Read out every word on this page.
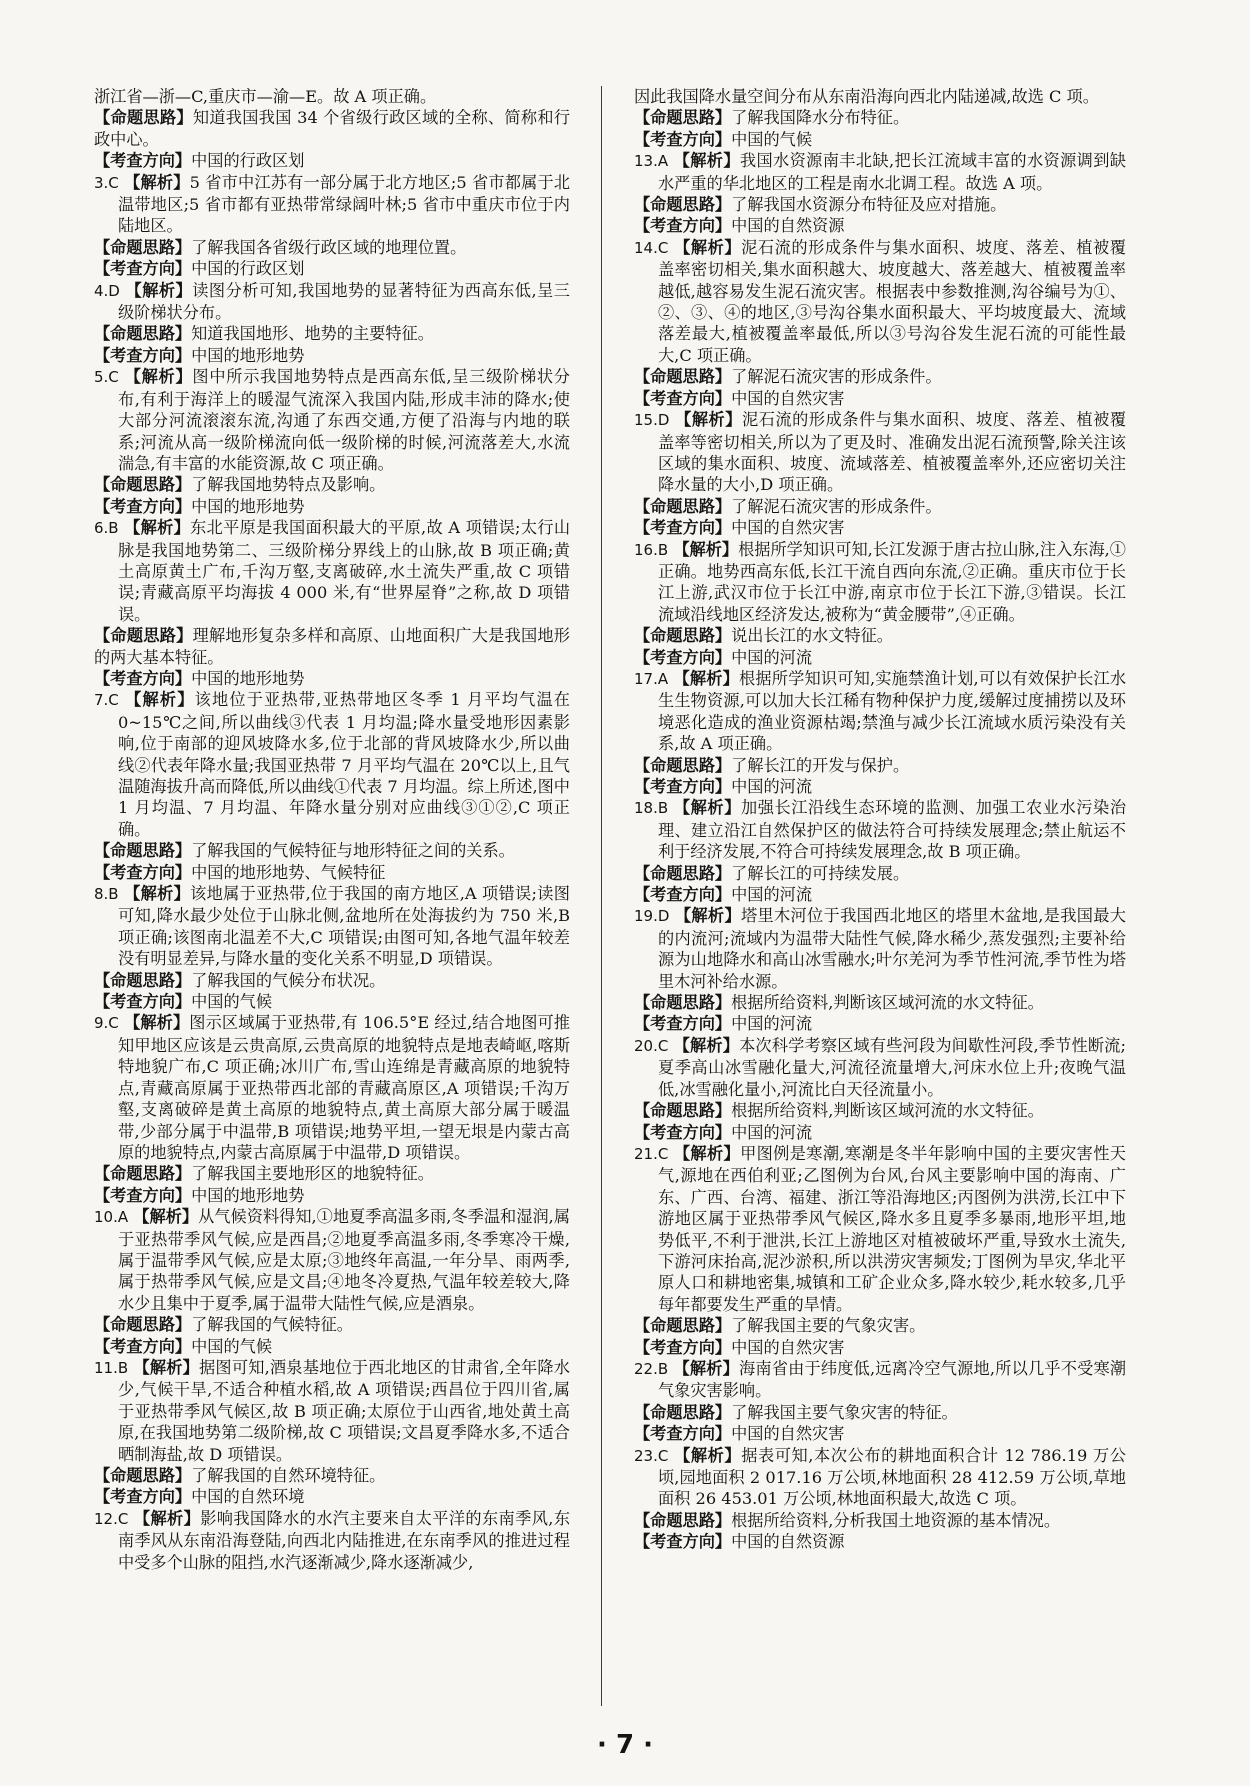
浙江省—浙—C,重庆市—渝—E。故 A 项正确。

【命题思路】知道我国我国 34 个省级行政区域的全称、简称和行政中心。

【考查方向】中国的行政区划

3.C 【解析】5 省市中江苏有一部分属于北方地区;5 省市都属于北温带地区;5 省市都有亚热带常绿阔叶林;5 省市中重庆市位于内陆地区。

【命题思路】了解我国各省级行政区域的地理位置。

【考查方向】中国的行政区划

4.D 【解析】读图分析可知,我国地势的显著特征为西高东低,呈三级阶梯状分布。

【命题思路】知道我国地形、地势的主要特征。

【考查方向】中国的地形地势

5.C 【解析】图中所示我国地势特点是西高东低,呈三级阶梯状分布,有利于海洋上的暖湿气流深入我国内陆,形成丰沛的降水;使大部分河流滚滚东流,沟通了东西交通,方便了沿海与内地的联系;河流从高一级阶梯流向低一级阶梯的时候,河流落差大,水流湍急,有丰富的水能资源,故 C 项正确。

【命题思路】了解我国地势特点及影响。

【考查方向】中国的地形地势

6.B 【解析】东北平原是我国面积最大的平原,故 A 项错误;太行山脉是我国地势第二、三级阶梯分界线上的山脉,故 B 项正确;黄土高原黄土广布,千沟万壑,支离破碎,水土流失严重,故 C 项错误;青藏高原平均海拔 4 000 米,有“世界屋脊”之称,故 D 项错误。

【命题思路】理解地形复杂多样和高原、山地面积广大是我国地形的两大基本特征。

【考查方向】中国的地形地势

7.C 【解析】该地位于亚热带,亚热带地区冬季 1 月平均气温在 0~15℃之间,所以曲线③代表 1 月均温;降水量受地形因素影响,位于南部的迎风坡降水多,位于北部的背风坡降水少,所以曲线②代表年降水量;我国亚热带 7 月平均气温在 20℃以上,且气温随海拔升高而降低,所以曲线①代表 7 月均温。综上所述,图中 1 月均温、7 月均温、年降水量分别对应曲线③①②,C 项正确。

【命题思路】了解我国的气候特征与地形特征之间的关系。

【考查方向】中国的地形地势、气候特征

8.B 【解析】该地属于亚热带,位于我国的南方地区,A 项错误;读图可知,降水最少处位于山脉北侧,盆地所在处海拔约为 750 米,B 项正确;该图南北温差不大,C 项错误;由图可知,各地气温年较差没有明显差异,与降水量的变化关系不明显,D 项错误。

【命题思路】了解我国的气候分布状况。

【考查方向】中国的气候

9.C 【解析】图示区域属于亚热带,有 106.5°E 经过,结合地图可推知甲地区应该是云贵高原,云贵高原的地貌特点是地表崎岖,喀斯特地貌广布,C 项正确;冰川广布,雪山连绵是青藏高原的地貌特点,青藏高原属于亚热带西北部的青藏高原区,A 项错误;千沟万壑,支离破碎是黄土高原的地貌特点,黄土高原大部分属于暖温带,少部分属于中温带,B 项错误;地势平坦,一望无垠是内蒙古高原的地貌特点,内蒙古高原属于中温带,D 项错误。

【命题思路】了解我国主要地形区的地貌特征。

【考查方向】中国的地形地势

10.A 【解析】从气候资料得知,①地夏季高温多雨,冬季温和湿润,属于亚热带季风气候,应是西昌;②地夏季高温多雨,冬季寒冷干燥,属于温带季风气候,应是太原;③地终年高温,一年分旱、雨两季,属于热带季风气候,应是文昌;④地冬冷夏热,气温年较差较大,降水少且集中于夏季,属于温带大陆性气候,应是酒泉。

【命题思路】了解我国的气候特征。

【考查方向】中国的气候

11.B 【解析】据图可知,酒泉基地位于西北地区的甘肃省,全年降水少,气候干旱,不适合种植水稻,故 A 项错误;西昌位于四川省,属于亚热带季风气候区,故 B 项正确;太原位于山西省,地处黄土高原,在我国地势第二级阶梯,故 C 项错误;文昌夏季降水多,不适合晒制海盐,故 D 项错误。

【命题思路】了解我国的自然环境特征。

【考查方向】中国的自然环境

12.C 【解析】影响我国降水的水汽主要来自太平洋的东南季风,东南季风从东南沿海登陆,向西北内陆推进,在东南季风的推进过程中受多个山脉的阻挡,水汽逐渐减少,降水逐渐减少,

因此我国降水量空间分布从东南沿海向西北内陆递减,故选 C 项。

【命题思路】了解我国降水分布特征。

【考查方向】中国的气候

13.A 【解析】我国水资源南丰北缺,把长江流域丰富的水资源调到缺水严重的华北地区的工程是南水北调工程。故选 A 项。

【命题思路】了解我国水资源分布特征及应对措施。

【考查方向】中国的自然资源

14.C 【解析】泥石流的形成条件与集水面积、坡度、落差、植被覆盖率密切相关,集水面积越大、坡度越大、落差越大、植被覆盖率越低,越容易发生泥石流灾害。根据表中参数推测,沟谷编号为①、②、③、④的地区,③号沟谷集水面积最大、平均坡度最大、流域落差最大,植被覆盖率最低,所以③号沟谷发生泥石流的可能性最大,C 项正确。

【命题思路】了解泥石流灾害的形成条件。

【考查方向】中国的自然灾害

15.D 【解析】泥石流的形成条件与集水面积、坡度、落差、植被覆盖率等密切相关,所以为了更及时、准确发出泥石流预警,除关注该区域的集水面积、坡度、流域落差、植被覆盖率外,还应密切关注降水量的大小,D 项正确。

【命题思路】了解泥石流灾害的形成条件。

【考查方向】中国的自然灾害

16.B 【解析】根据所学知识可知,长江发源于唐古拉山脉,注入东海,①正确。地势西高东低,长江干流自西向东流,②正确。重庆市位于长江上游,武汉市位于长江中游,南京市位于长江下游,③错误。长江流域沿线地区经济发达,被称为“黄金腰带”,④正确。

【命题思路】说出长江的水文特征。

【考查方向】中国的河流

17.A 【解析】根据所学知识可知,实施禁渔计划,可以有效保护长江水生生物资源,可以加大长江稀有物种保护力度,缓解过度捕捞以及环境恶化造成的渔业资源枯竭;禁渔与减少长江流域水质污染没有关系,故 A 项正确。

【命题思路】了解长江的开发与保护。

【考查方向】中国的河流

18.B 【解析】加强长江沿线生态环境的监测、加强工农业水污染治理、建立沿江自然保护区的做法符合可持续发展理念;禁止航运不利于经济发展,不符合可持续发展理念,故 B 项正确。

【命题思路】了解长江的可持续发展。

【考查方向】中国的河流

19.D 【解析】塔里木河位于我国西北地区的塔里木盆地,是我国最大的内流河;流域内为温带大陆性气候,降水稀少,蒸发强烈;主要补给源为山地降水和高山冰雪融水;叶尔羌河为季节性河流,季节性为塔里木河补给水源。

【命题思路】根据所给资料,判断该区域河流的水文特征。

【考查方向】中国的河流

20.C 【解析】本次科学考察区域有些河段为间歇性河段,季节性断流;夏季高山冰雪融化量大,河流径流量增大,河床水位上升;夜晚气温低,冰雪融化量小,河流比白天径流量小。

【命题思路】根据所给资料,判断该区域河流的水文特征。

【考查方向】中国的河流

21.C 【解析】甲图例是寒潮,寒潮是冬半年影响中国的主要灾害性天气,源地在西伯利亚;乙图例为台风,台风主要影响中国的海南、广东、广西、台湾、福建、浙江等沿海地区;丙图例为洪涝,长江中下游地区属于亚热带季风气候区,降水多且夏季多暴雨,地形平坦,地势低平,不利于泄洪,长江上游地区对植被破坏严重,导致水土流失,下游河床抬高,泥沙淤积,所以洪涝灾害频发;丁图例为旱灾,华北平原人口和耕地密集,城镇和工矿企业众多,降水较少,耗水较多,几乎每年都要发生严重的旱情。

【命题思路】了解我国主要的气象灾害。

【考查方向】中国的自然灾害

22.B 【解析】海南省由于纬度低,远离冷空气源地,所以几乎不受寒潮气象灾害影响。

【命题思路】了解我国主要气象灾害的特征。

【考查方向】中国的自然灾害

23.C 【解析】据表可知,本次公布的耕地面积合计 12 786.19 万公顷,园地面积 2 017.16 万公顷,林地面积 28 412.59 万公顷,草地面积 26 453.01 万公顷,林地面积最大,故选 C 项。

【命题思路】根据所给资料,分析我国土地资源的基本情况。

【考查方向】中国的自然资源

· 7 ·
